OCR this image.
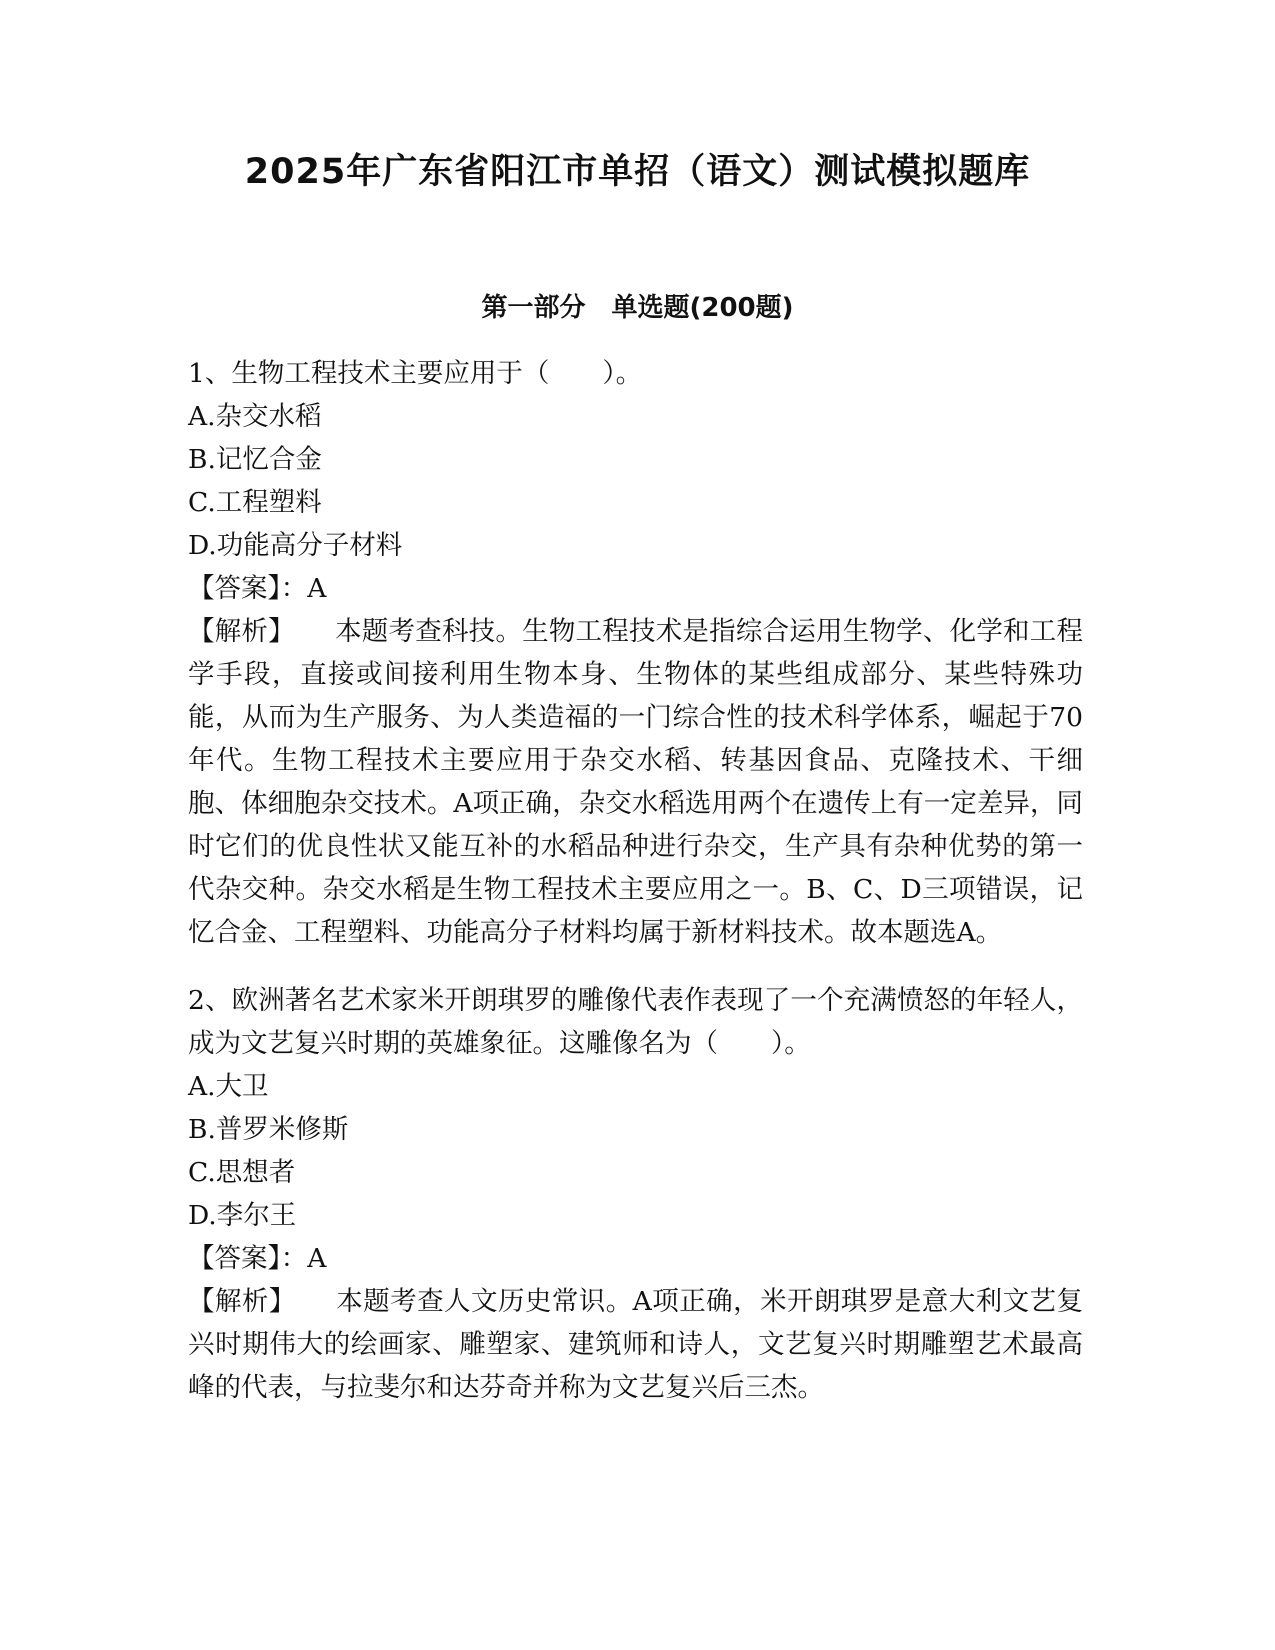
2025年广东省阳江市单招（语文）测试模拟题库
第一部分　单选题(200题)
1、生物工程技术主要应用于（　　）。
A.杂交水稻
B.记忆合金
C.工程塑料
D.功能高分子材料
【答案】：A

【解析】 本题考查科技。生物工程技术是指综合运用生物学、化学和工程学手段，直接或间接利用生物本身、生物体的某些组成部分、某些特殊功能，从而为生产服务、为人类造福的一门综合性的技术科学体系，崛起于70年代。生物工程技术主要应用于杂交水稻、转基因食品、克隆技术、干细胞、体细胞杂交技术。A项正确，杂交水稻选用两个在遗传上有一定差异，同时它们的优良性状又能互补的水稻品种进行杂交，生产具有杂种优势的第一代杂交种。杂交水稻是生物工程技术主要应用之一。B、C、D三项错误，记忆合金、工程塑料、功能高分子材料均属于新材料技术。故本题选A。

2、欧洲著名艺术家米开朗琪罗的雕像代表作表现了一个充满愤怒的年轻人，成为文艺复兴时期的英雄象征。这雕像名为（　　）。

A.大卫
B.普罗米修斯
C.思想者
D.李尔王
【答案】：A

【解析】 本题考查人文历史常识。A项正确，米开朗琪罗是意大利文艺复兴时期伟大的绘画家、雕塑家、建筑师和诗人，文艺复兴时期雕塑艺术最高峰的代表，与拉斐尔和达芬奇并称为文艺复兴后三杰。
